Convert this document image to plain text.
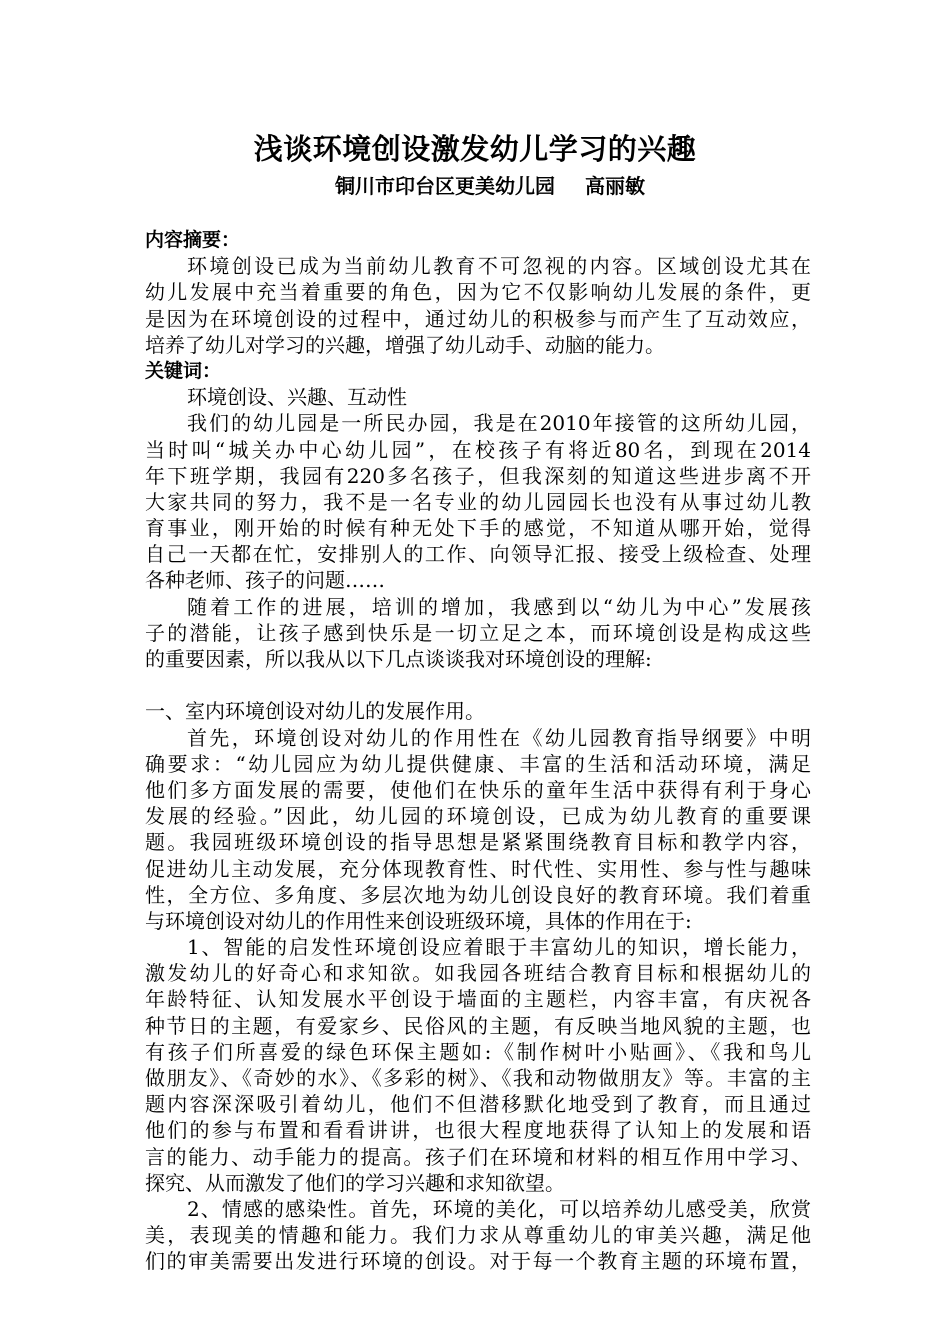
浅谈环境创设激发幼儿学习的兴趣
铜川市印台区更美幼儿园 高丽敏
内容摘要：
环境创设已成为当前幼儿教育不可忽视的内容。区域创设尤其在
幼儿发展中充当着重要的角色，因为它不仅影响幼儿发展的条件，更
是因为在环境创设的过程中，通过幼儿的积极参与而产生了互动效应，
培养了幼儿对学习的兴趣，增强了幼儿动手、动脑的能力。
关键词：
环境创设、兴趣、互动性
我们的幼儿园是一所民办园，我是在2010年接管的这所幼儿园，
当时叫“城关办中心幼儿园”，在校孩子有将近80名，到现在2014
年下班学期，我园有220多名孩子，但我深刻的知道这些进步离不开
大家共同的努力，我不是一名专业的幼儿园园长也没有从事过幼儿教
育事业，刚开始的时候有种无处下手的感觉，不知道从哪开始，觉得
自己一天都在忙，安排别人的工作、向领导汇报、接受上级检查、处理
各种老师、孩子的问题……
随着工作的进展，培训的增加，我感到以“幼儿为中心”发展孩
子的潜能，让孩子感到快乐是一切立足之本，而环境创设是构成这些
的重要因素，所以我从以下几点谈谈我对环境创设的理解:
一、室内环境创设对幼儿的发展作用。
首先，环境创设对幼儿的作用性在《幼儿园教育指导纲要》中明
确要求：“幼儿园应为幼儿提供健康、丰富的生活和活动环境，满足
他们多方面发展的需要，使他们在快乐的童年生活中获得有利于身心
发展的经验。”因此，幼儿园的环境创设，已成为幼儿教育的重要课
题。我园班级环境创设的指导思想是紧紧围绕教育目标和教学内容，
促进幼儿主动发展，充分体现教育性、时代性、实用性、参与性与趣味
性，全方位、多角度、多层次地为幼儿创设良好的教育环境。我们着重
与环境创设对幼儿的作用性来创设班级环境，具体的作用在于:
1、智能的启发性环境创设应着眼于丰富幼儿的知识，增长能力，
激发幼儿的好奇心和求知欲。如我园各班结合教育目标和根据幼儿的
年龄特征、认知发展水平创设于墙面的主题栏，内容丰富，有庆祝各
种节日的主题，有爱家乡、民俗风的主题，有反映当地风貌的主题，也
有孩子们所喜爱的绿色环保主题如:《制作树叶小贴画》、《我和鸟儿
做朋友》、《奇妙的水》、《多彩的树》、《我和动物做朋友》等。丰富的主
题内容深深吸引着幼儿，他们不但潜移默化地受到了教育，而且通过
他们的参与布置和看看讲讲，也很大程度地获得了认知上的发展和语
言的能力、动手能力的提高。孩子们在环境和材料的相互作用中学习、
探究、从而激发了他们的学习兴趣和求知欲望。
2、情感的感染性。首先，环境的美化，可以培养幼儿感受美，欣赏
美，表现美的情趣和能力。我们力求从尊重幼儿的审美兴趣，满足他
们的审美需要出发进行环境的创设。对于每一个教育主题的环境布置，
